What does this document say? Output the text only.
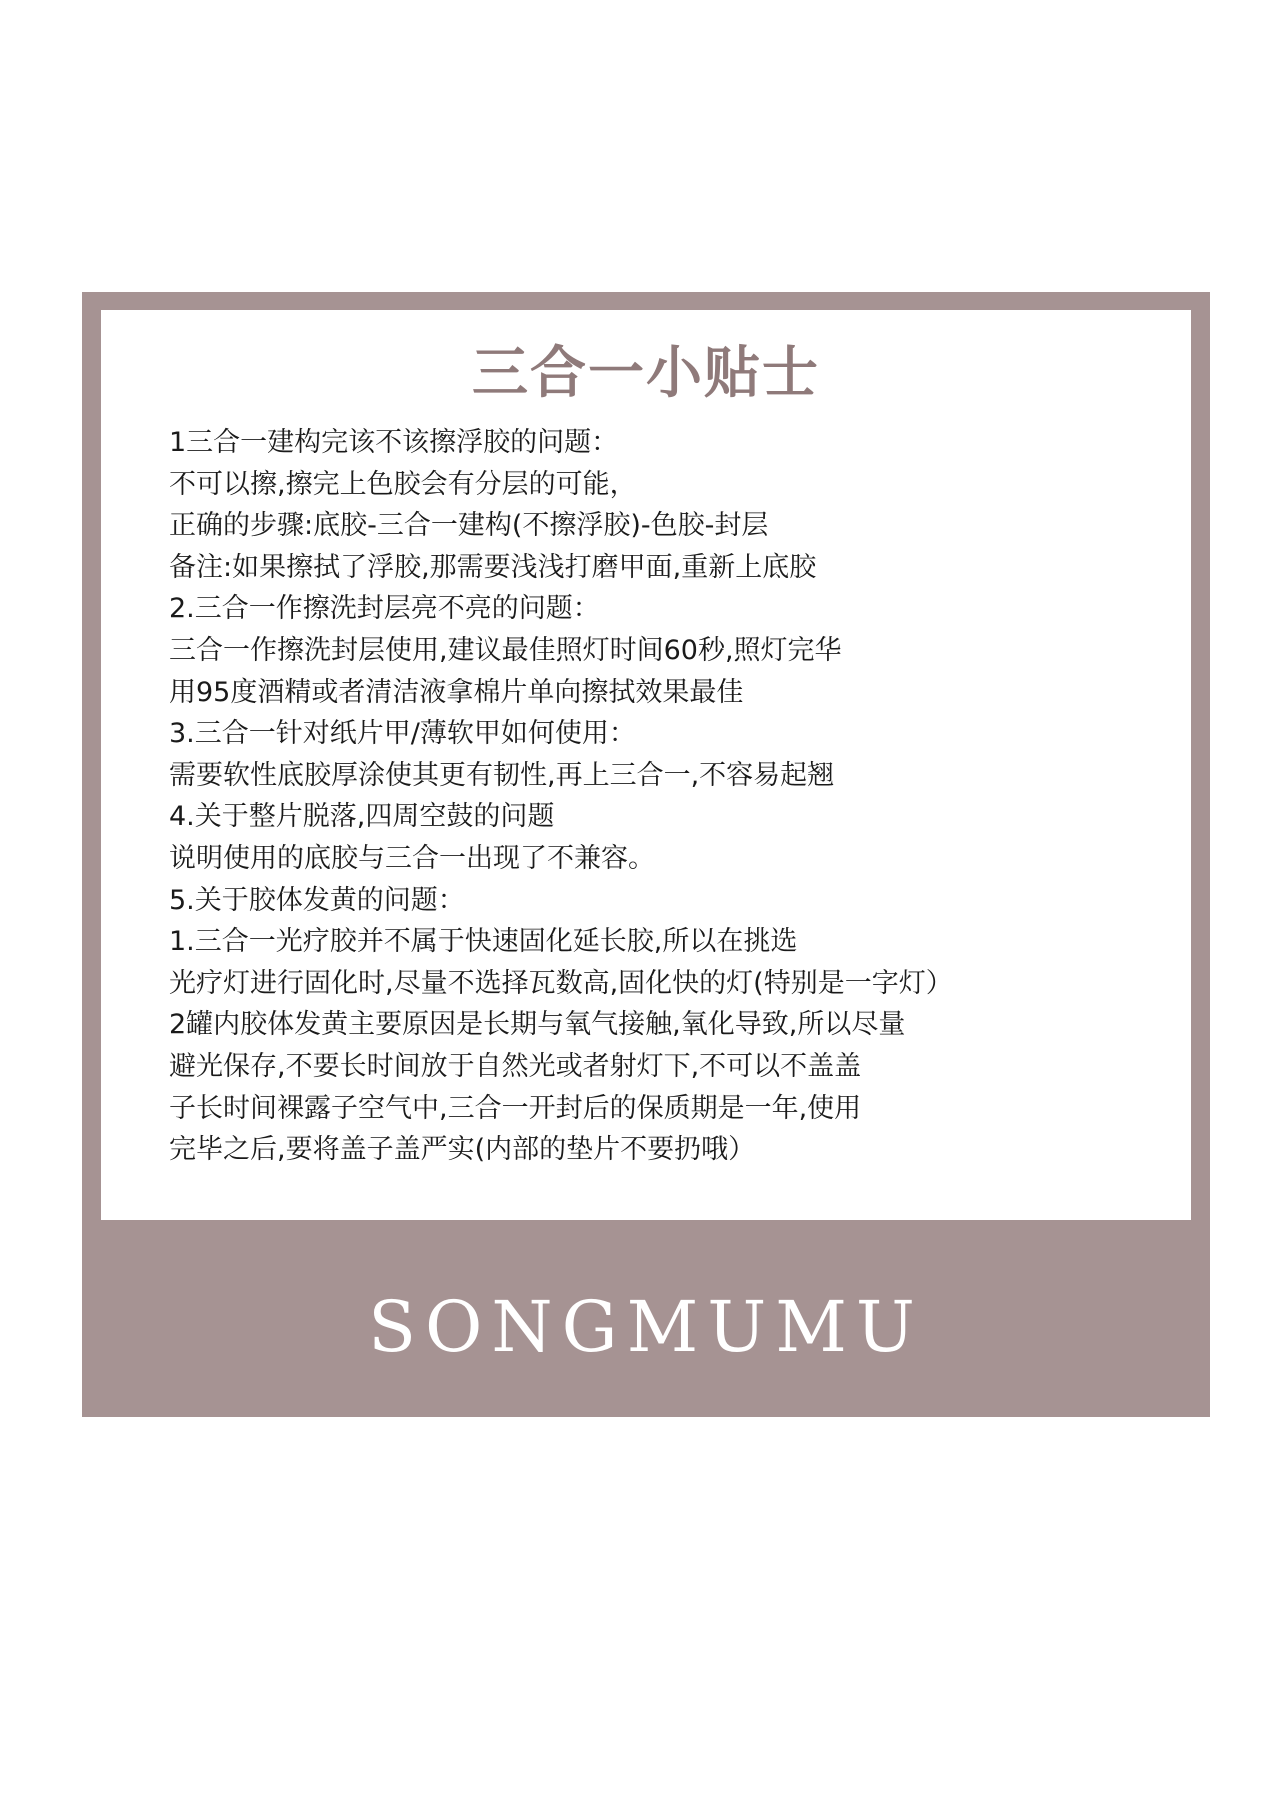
三合一小贴士
1三合一建构完该不该擦浮胶的问题：
不可以擦,擦完上色胶会有分层的可能，
正确的步骤:底胶-三合一建构(不擦浮胶)-色胶-封层
备注:如果擦拭了浮胶,那需要浅浅打磨甲面,重新上底胶
2.三合一作擦洗封层亮不亮的问题：
三合一作擦洗封层使用,建议最佳照灯时间60秒,照灯完华
用95度酒精或者清洁液拿棉片单向擦拭效果最佳
3.三合一针对纸片甲/薄软甲如何使用：
需要软性底胶厚涂使其更有韧性,再上三合一,不容易起翘
4.关于整片脱落,四周空鼓的问题
说明使用的底胶与三合一出现了不兼容。
5.关于胶体发黄的问题：
1.三合一光疗胶并不属于快速固化延长胶,所以在挑选
光疗灯进行固化时,尽量不选择瓦数高,固化快的灯(特别是一字灯）
2罐内胶体发黄主要原因是长期与氧气接触,氧化导致,所以尽量
避光保存,不要长时间放于自然光或者射灯下,不可以不盖盖
子长时间裸露子空气中,三合一开封后的保质期是一年,使用
完毕之后,要将盖子盖严实(内部的垫片不要扔哦）
SONGMUMU
